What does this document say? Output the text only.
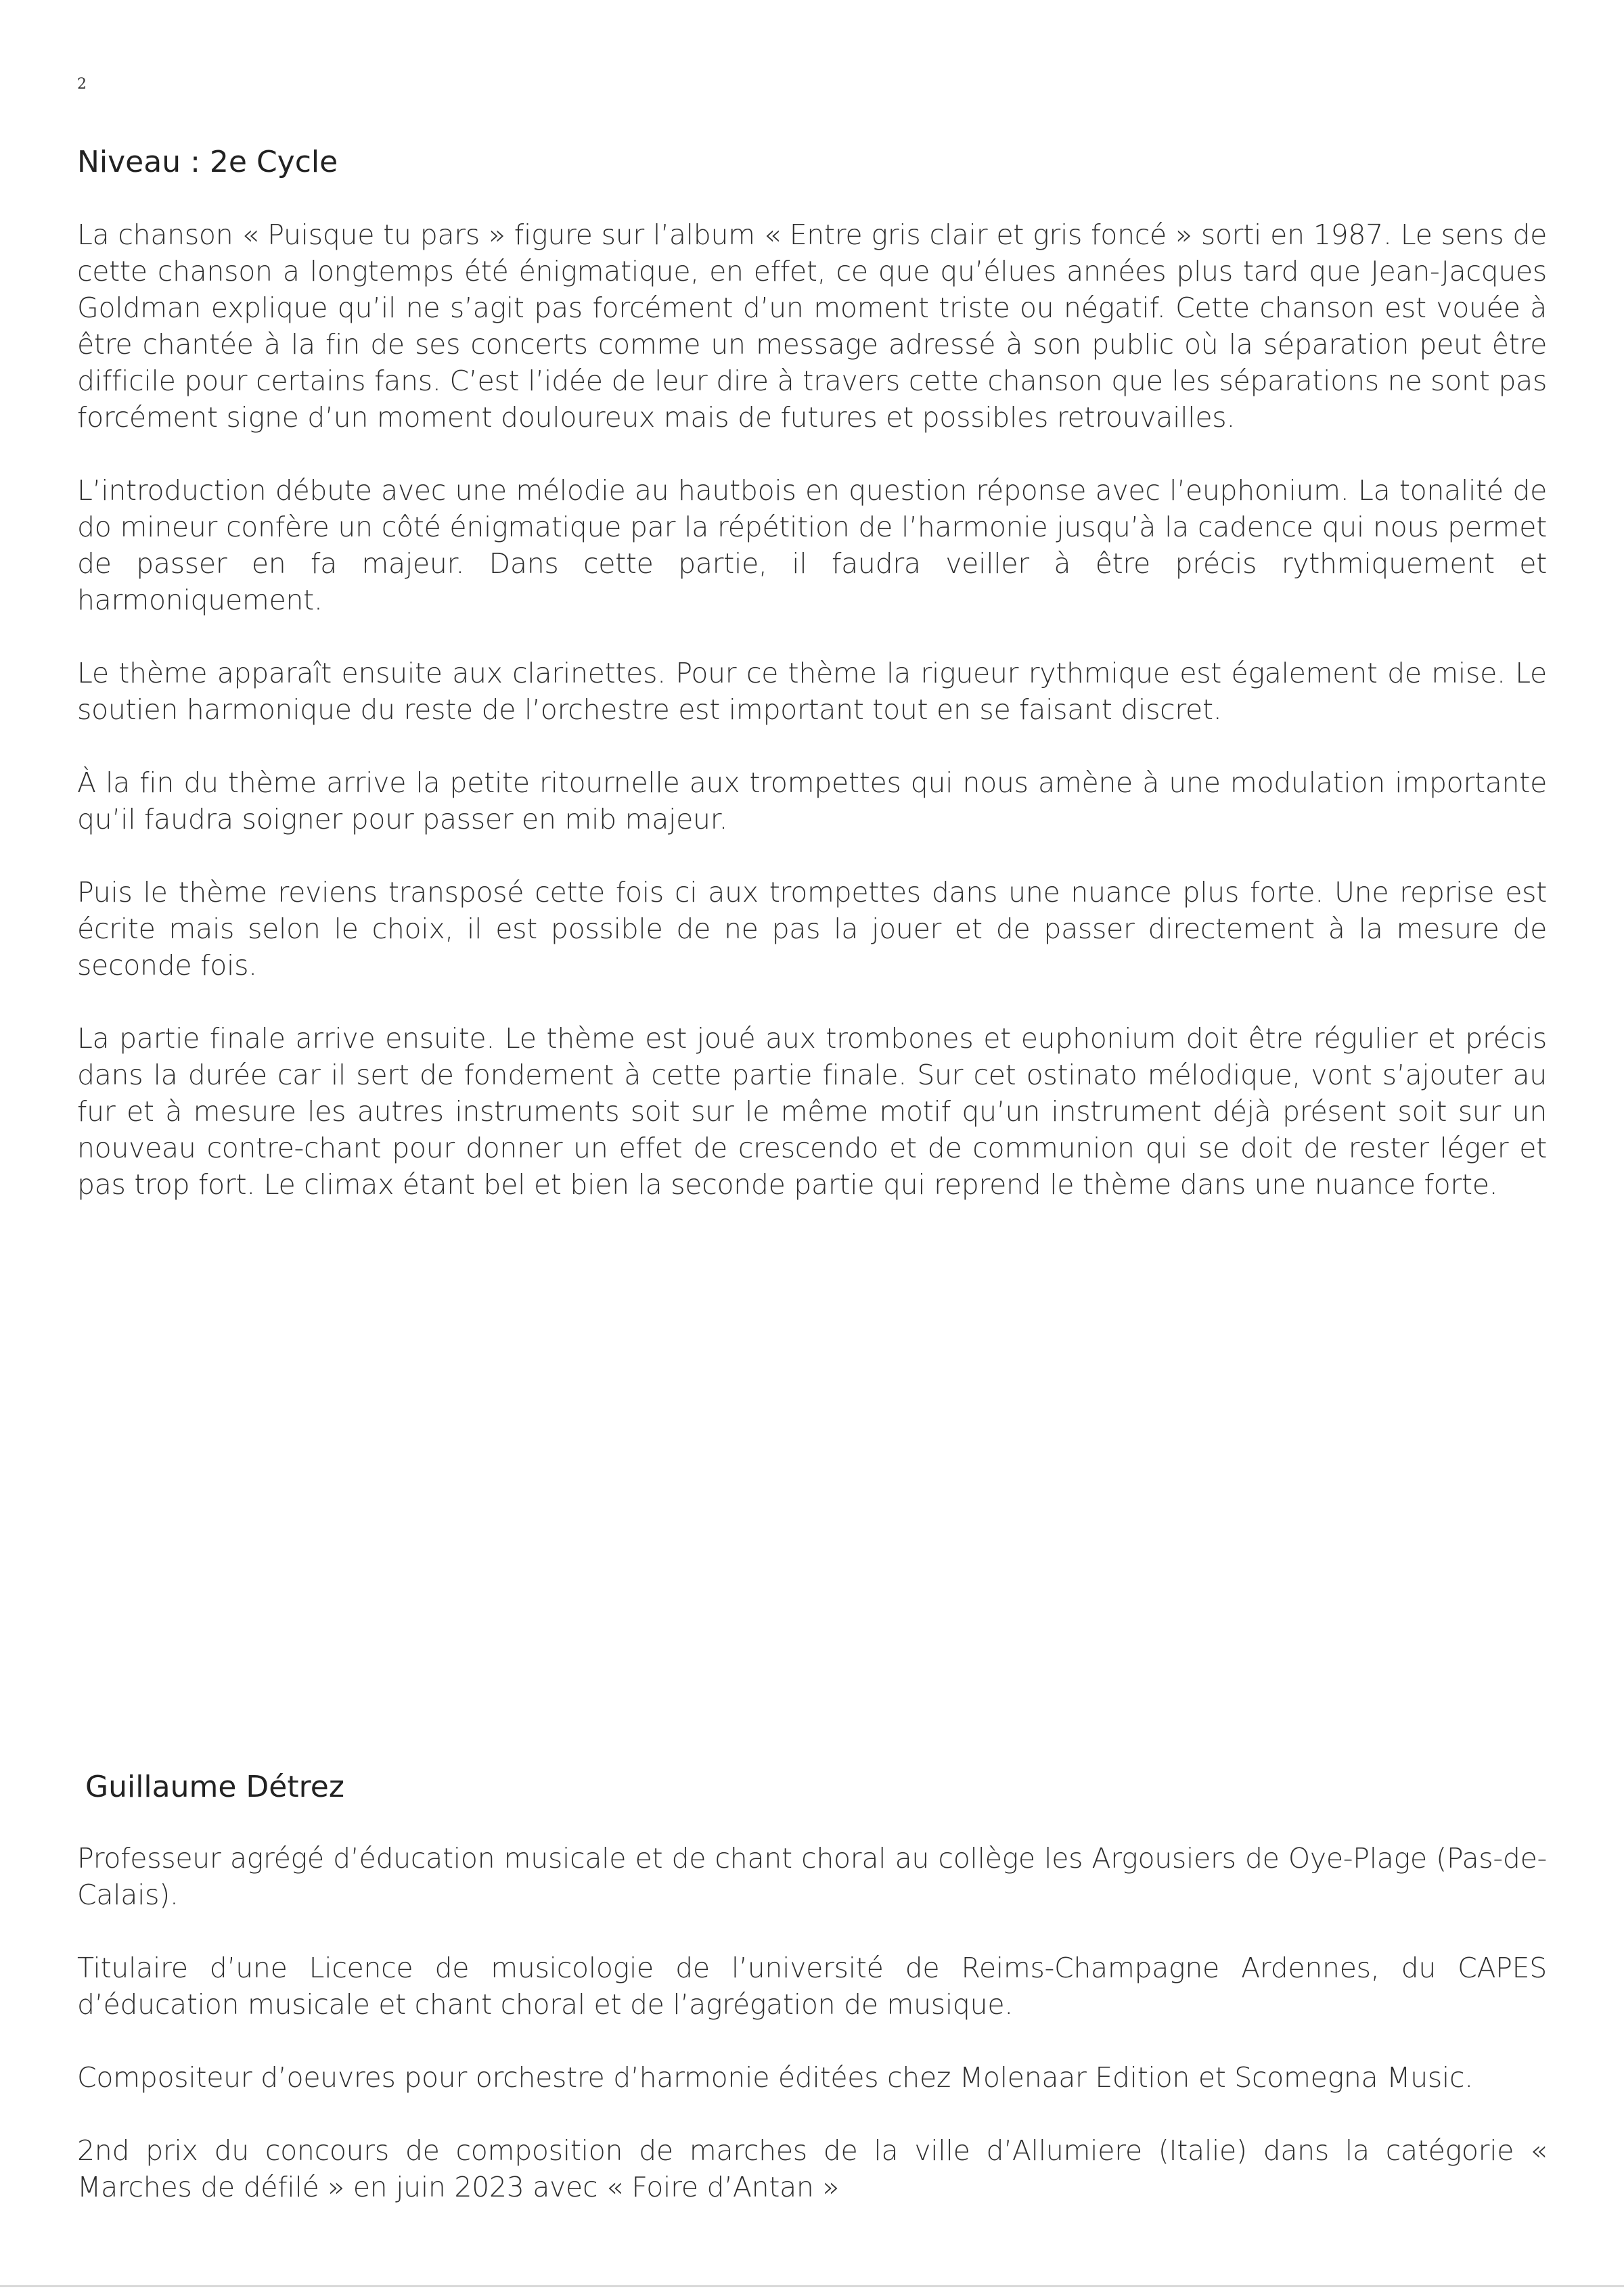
2
Niveau : 2e Cycle

La chanson « Puisque tu pars » figure sur l’album « Entre gris clair et gris foncé » sorti en 1987. Le sens de cette chanson a longtemps été énigmatique, en effet, ce que qu’élues années plus tard que Jean-Jacques Goldman explique qu’il ne s’agit pas forcément d’un moment triste ou négatif. Cette chanson est vouée à être chantée à la fin de ses concerts comme un message adressé à son public où la séparation peut être difficile pour certains fans. C’est l’idée de leur dire à travers cette chanson que les séparations ne sont pas forcément signe d’un moment douloureux mais de futures et possibles retrouvailles.

L’introduction débute avec une mélodie au hautbois en question réponse avec l’euphonium. La tonalité de do mineur confère un côté énigmatique par la répétition de l’harmonie jusqu’à la cadence qui nous permet de passer en fa majeur. Dans cette partie, il faudra veiller à être précis rythmiquement et harmoniquement.

Le thème apparaît ensuite aux clarinettes. Pour ce thème la rigueur rythmique est également de mise. Le soutien harmonique du reste de l’orchestre est important tout en se faisant discret.

À la fin du thème arrive la petite ritournelle aux trompettes qui nous amène à une modulation importante qu’il faudra soigner pour passer en mib majeur.

Puis le thème reviens transposé cette fois ci aux trompettes dans une nuance plus forte. Une reprise est écrite mais selon le choix, il est possible de ne pas la jouer et de passer directement à la mesure de seconde fois.

La partie finale arrive ensuite. Le thème est joué aux trombones et euphonium doit être régulier et précis dans la durée car il sert de fondement à cette partie finale. Sur cet ostinato mélodique, vont s’ajouter au fur et à mesure les autres instruments soit sur le même motif qu’un instrument déjà présent soit sur un nouveau contre-chant pour donner un effet de crescendo et de communion qui se doit de rester léger et pas trop fort. Le climax étant bel et bien la seconde partie qui reprend le thème dans une nuance forte.

Guillaume Détrez

Professeur agrégé d’éducation musicale et de chant choral au collège les Argousiers de Oye-Plage (Pas-de-Calais).

Titulaire d’une Licence de musicologie de l’université de Reims-Champagne Ardennes, du CAPES d’éducation musicale et chant choral et de l’agrégation de musique.

Compositeur d’oeuvres pour orchestre d’harmonie éditées chez Molenaar Edition et Scomegna Music.

2nd prix du concours de composition de marches de la ville d’Allumiere (Italie) dans la catégorie « Marches de défilé » en juin 2023 avec « Foire d’Antan »
